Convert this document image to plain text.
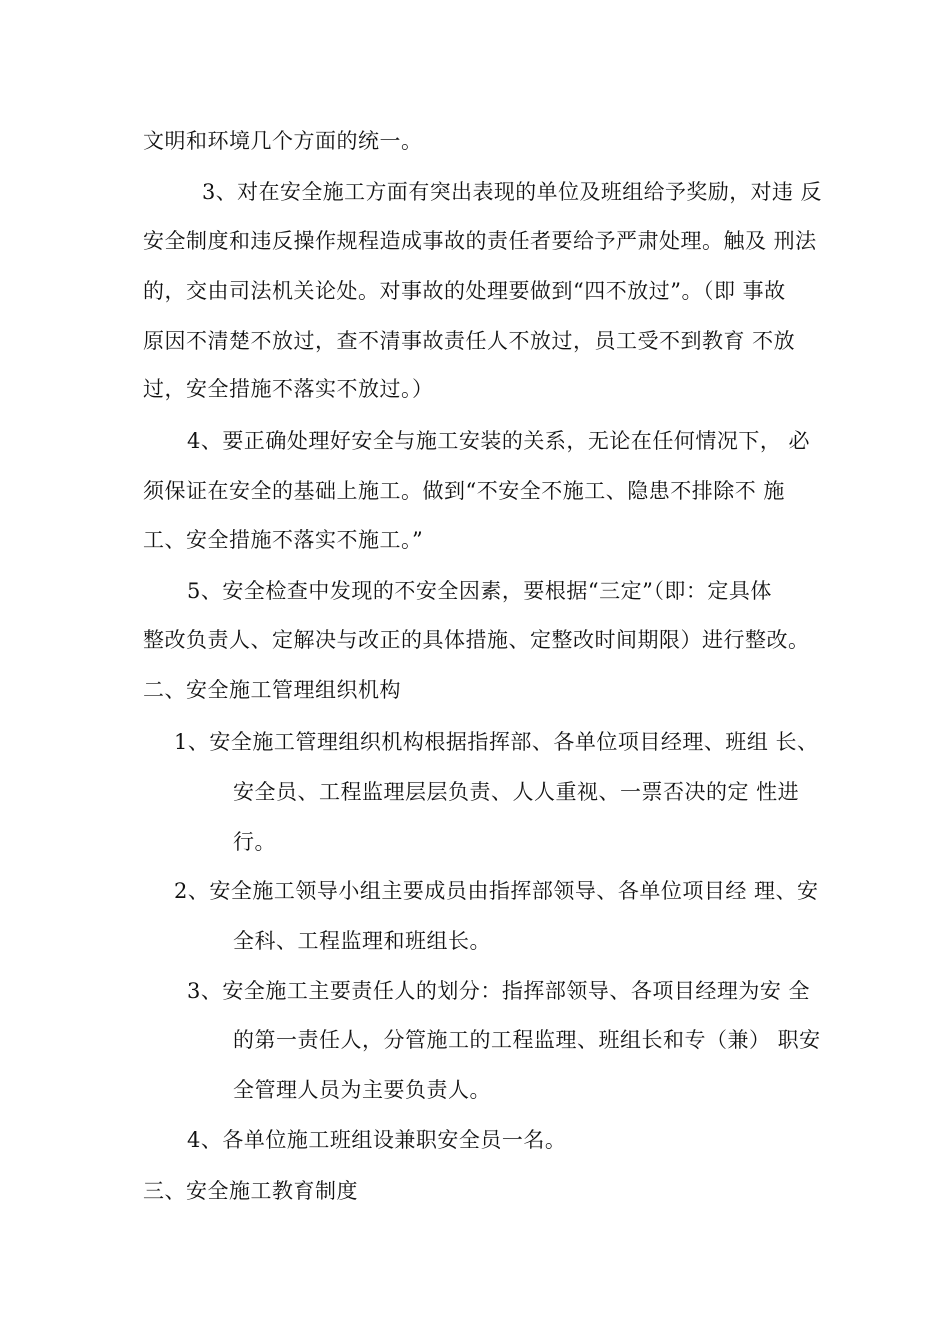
文明和环境几个方面的统一。
3、对在安全施工方面有突出表现的单位及班组给予奖励，对违 反
安全制度和违反操作规程造成事故的责任者要给予严肃处理。触及 刑法
的，交由司法机关论处。对事故的处理要做到“四不放过”。（即 事故
原因不清楚不放过，查不清事故责任人不放过，员工受不到教育 不放
过，安全措施不落实不放过。）
4、要正确处理好安全与施工安装的关系，无论在任何情况下， 必
须保证在安全的基础上施工。做到“不安全不施工、隐患不排除不 施
工、安全措施不落实不施工。”
5、安全检查中发现的不安全因素，要根据“三定”（即：定具体
整改负责人、定解决与改正的具体措施、定整改时间期限）进行整改。
二、安全施工管理组织机构
1、安全施工管理组织机构根据指挥部、各单位项目经理、班组 长、
安全员、工程监理层层负责、人人重视、一票否决的定 性进
行。
2、安全施工领导小组主要成员由指挥部领导、各单位项目经 理、安
全科、工程监理和班组长。
3、安全施工主要责任人的划分：指挥部领导、各项目经理为安 全
的第一责任人，分管施工的工程监理、班组长和专（兼） 职安
全管理人员为主要负责人。
4、各单位施工班组设兼职安全员一名。
三、安全施工教育制度
